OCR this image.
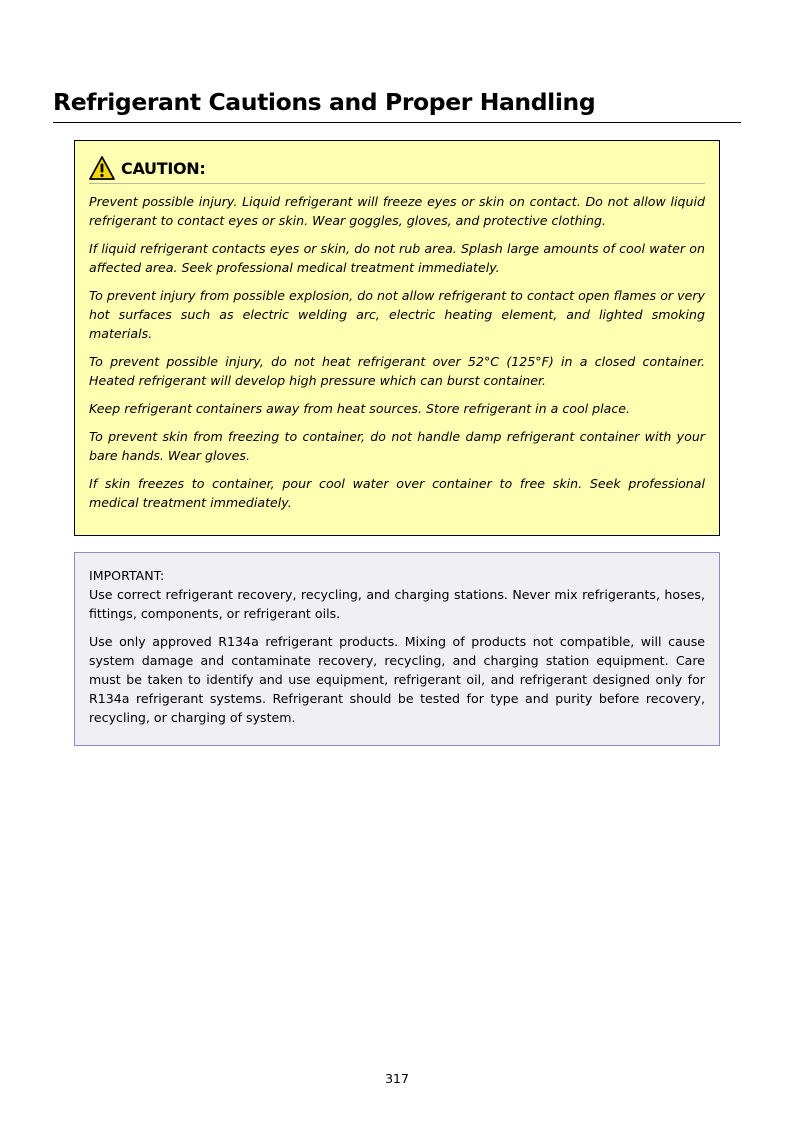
Refrigerant Cautions and Proper Handling
CAUTION:

Prevent possible injury. Liquid refrigerant will freeze eyes or skin on contact. Do not allow liquid refrigerant to contact eyes or skin. Wear goggles, gloves, and protective clothing.

If liquid refrigerant contacts eyes or skin, do not rub area. Splash large amounts of cool water on affected area. Seek professional medical treatment immediately.

To prevent injury from possible explosion, do not allow refrigerant to contact open flames or very hot surfaces such as electric welding arc, electric heating element, and lighted smoking materials.

To prevent possible injury, do not heat refrigerant over 52°C (125°F) in a closed container. Heated refrigerant will develop high pressure which can burst container.

Keep refrigerant containers away from heat sources. Store refrigerant in a cool place.

To prevent skin from freezing to container, do not handle damp refrigerant container with your bare hands. Wear gloves.

If skin freezes to container, pour cool water over container to free skin. Seek professional medical treatment immediately.

IMPORTANT:

Use correct refrigerant recovery, recycling, and charging stations. Never mix refrigerants, hoses, fittings, components, or refrigerant oils.

Use only approved R134a refrigerant products. Mixing of products not compatible, will cause system damage and contaminate recovery, recycling, and charging station equipment. Care must be taken to identify and use equipment, refrigerant oil, and refrigerant designed only for R134a refrigerant systems. Refrigerant should be tested for type and purity before recovery, recycling, or charging of system.

317
